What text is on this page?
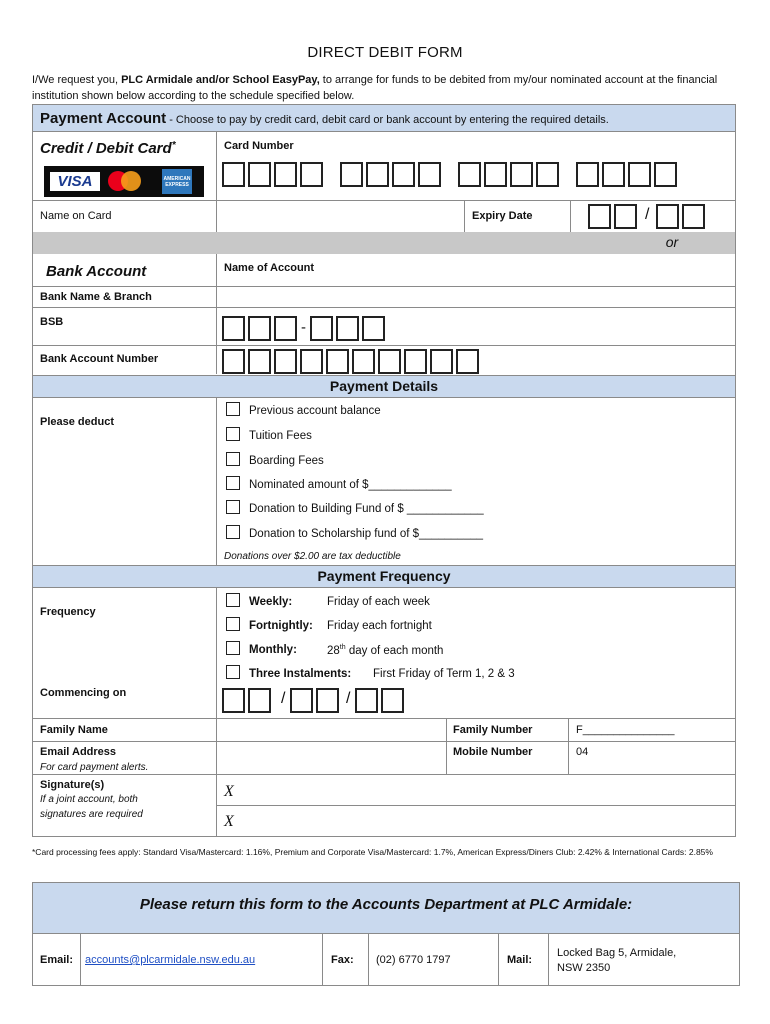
DIRECT DEBIT FORM
I/We request you, PLC Armidale and/or School EasyPay, to arrange for funds to be debited from my/our nominated account at the financial institution shown below according to the schedule specified below.
Payment Account - Choose to pay by credit card, debit card or bank account by entering the required details.
Credit / Debit Card*
VISA	AMERICAN EXPRESS
Card Number
Name on Card	Expiry Date	/
or
Bank Account	Name of Account
Bank Name & Branch
BSB	-
Bank Account Number
Payment Details
Please deduct
Previous account balance
Tuition Fees
Boarding Fees
Nominated amount of $_____________
Donation to Building Fund of $ ____________
Donation to Scholarship fund of $__________
Donations over $2.00 are tax deductible
Payment Frequency
Frequency
Weekly:	Friday of each week
Fortnightly: Friday each fortnight
Monthly:	28th day of each month
Three Instalments: First Friday of Term 1, 2 & 3
Commencing on	/	/
Family Name	Family Number	F_______________
Email Address
For card payment alerts.
Mobile Number	04
Signature(s)
If a joint account, both
signatures are required
X
X
*Card processing fees apply: Standard Visa/Mastercard: 1.16%, Premium and Corporate Visa/Mastercard: 1.7%, American Express/Diners Club: 2.42% & International Cards: 2.85%
Please return this form to the Accounts Department at PLC Armidale:
Email: accounts@plcarmidale.nsw.edu.au	Fax: (02) 6770 1797	Mail:
Locked Bag 5, Armidale,
NSW 2350
